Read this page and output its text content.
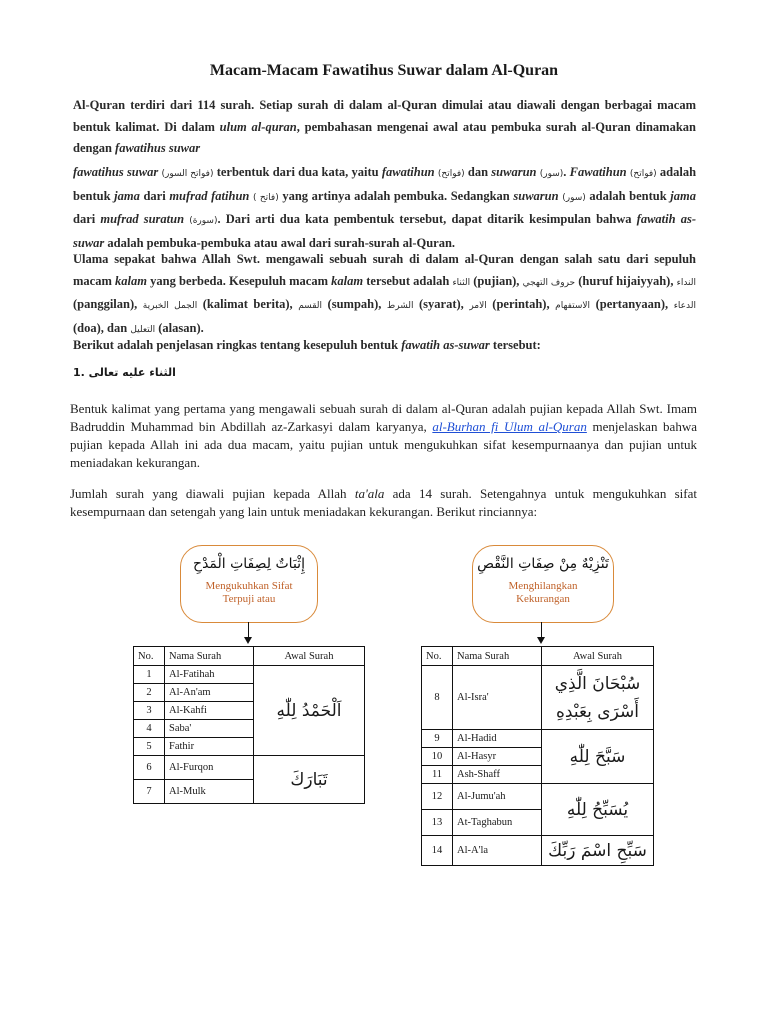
Macam-Macam Fawatihus Suwar dalam Al-Quran

Al-Quran terdiri dari 114 surah. Setiap surah di dalam al-Quran dimulai atau diawali dengan berbagai macam bentuk kalimat. Di dalam ulum al-quran, pembahasan mengenai awal atau pembuka surah al-Quran dinamakan dengan fawatihus suwar

fawatihus suwar (فواتح السور) terbentuk dari dua kata, yaitu fawatihun (فواتح) dan suwarun (سور). Fawatihun (فواتح) adalah bentuk jama dari mufrad fatihun ( فاتح) yang artinya adalah pembuka. Sedangkan suwarun (سور) adalah bentuk jama dari mufrad suratun (سورة). Dari arti dua kata pembentuk tersebut, dapat ditarik kesimpulan bahwa fawatih as-suwar adalah pembuka-pembuka atau awal dari surah-surah al-Quran.

Ulama sepakat bahwa Allah Swt. mengawali sebuah surah di dalam al-Quran dengan salah satu dari sepuluh macam kalam yang berbeda. Kesepuluh macam kalam tersebut adalah الثناء (pujian), حروف التهجي (huruf hijaiyyah), النداء (panggilan), الجمل الخبرية (kalimat berita), القسم (sumpah), الشرط (syarat), الامر (perintah), الاستفهام (pertanyaan), الدعاء (doa), dan التعليل (alasan).

Berikut adalah penjelasan ringkas tentang kesepuluh bentuk fawatih as-suwar tersebut:

1. الثناء عليه تعالى

Bentuk kalimat yang pertama yang mengawali sebuah surah di dalam al-Quran adalah pujian kepada Allah Swt. Imam Badruddin Muhammad bin Abdillah az-Zarkasyi dalam karyanya, al-Burhan fi Ulum al-Quran menjelaskan bahwa pujian kepada Allah ini ada dua macam, yaitu pujian untuk mengukuhkan sifat kesempurnaanya dan pujian untuk meniadakan kekurangan.

Jumlah surah yang diawali pujian kepada Allah ta'ala ada 14 surah. Setengahnya untuk mengukuhkan sifat kesempurnaan dan setengah yang lain untuk meniadakan kekurangan. Berikut rinciannya:

إِثْبَاتٌ لِصِفَاتِ الْمَدْحِ
Mengukuhkan Sifat
Terpuji atau
No.	Nama Surah	Awal Surah
1	Al-Fatihah	اَلْحَمْدُ لِلّٰهِ
2	Al-An'am	
3	Al-Kahfi	
4	Saba'	
5	Fathir	
6	Al-Furqon	تَبَارَكَ
7	Al-Mulk	
تَنْزِيْهٌ مِنْ صِفَاتِ النَّقْصِ
Menghilangkan
Kekurangan
No.	Nama Surah	Awal Surah
8	Al-Isra'	سُبْحَانَ الَّذِي
أَسْرَى بِعَبْدِهِ

9	Al-Hadid	سَبَّحَ لِلّٰهِ
10	Al-Hasyr	
11	Ash-Shaff	
12	Al-Jumu'ah	يُسَبِّحُ لِلّٰهِ
13	At-Taghabun	
14	Al-A'la	سَبِّحِ اسْمَ رَبِّكَ
